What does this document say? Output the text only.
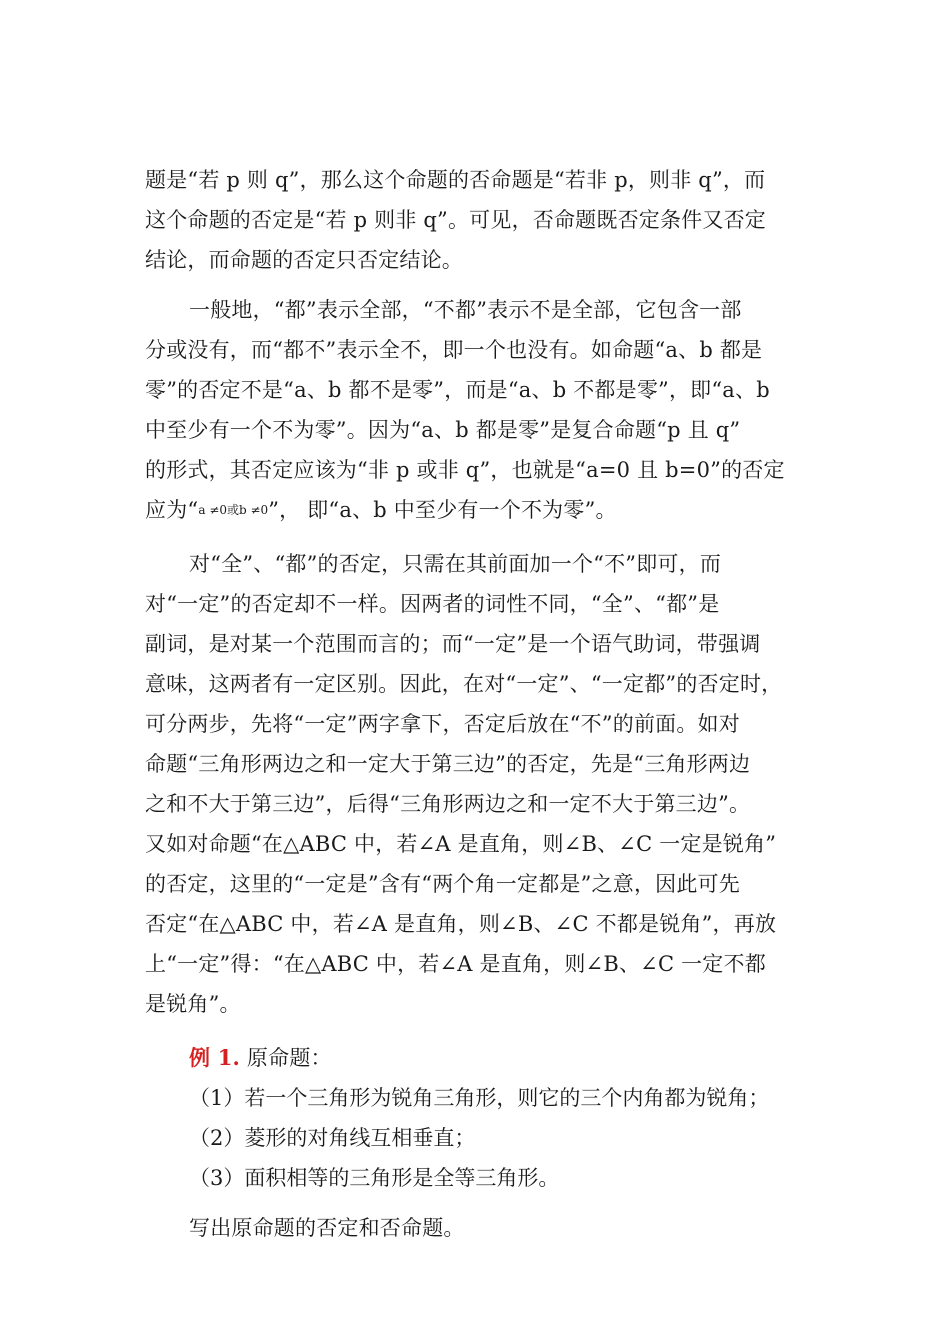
题是“若 p 则 q”，那么这个命题的否命题是“若非 p，则非 q”，而
这个命题的否定是“若 p 则非 q”。可见，否命题既否定条件又否定
结论，而命题的否定只否定结论。

一般地，“都”表示全部，“不都”表示不是全部，它包含一部
分或没有，而“都不”表示全不，即一个也没有。如命题“a、b 都是
零”的否定不是“a、b 都不是零”，而是“a、b 不都是零”，即“a、b
中至少有一个不为零”。因为“a、b 都是零”是复合命题“p 且 q”
的形式，其否定应该为“非 p 或非 q”，也就是“a=0 且 b=0”的否定
应为“a ≠0或b ≠0”， 即“a、b 中至少有一个不为零”。

对“全”、“都”的否定，只需在其前面加一个“不”即可，而
对“一定”的否定却不一样。因两者的词性不同，“全”、“都”是
副词，是对某一个范围而言的；而“一定”是一个语气助词，带强调
意味，这两者有一定区别。因此，在对“一定”、“一定都”的否定时，
可分两步，先将“一定”两字拿下，否定后放在“不”的前面。如对
命题“三角形两边之和一定大于第三边”的否定，先是“三角形两边
之和不大于第三边”，后得“三角形两边之和一定不大于第三边”。
又如对命题“在△ABC 中，若∠A 是直角，则∠B、∠C 一定是锐角”
的否定，这里的“一定是”含有“两个角一定都是”之意，因此可先
否定“在△ABC 中，若∠A 是直角，则∠B、∠C 不都是锐角”，再放
上“一定”得：“在△ABC 中，若∠A 是直角，则∠B、∠C 一定不都
是锐角”。

例 1. 原命题：

（1）若一个三角形为锐角三角形，则它的三个内角都为锐角；

（2）菱形的对角线互相垂直；

（3）面积相等的三角形是全等三角形。

写出原命题的否定和否命题。
